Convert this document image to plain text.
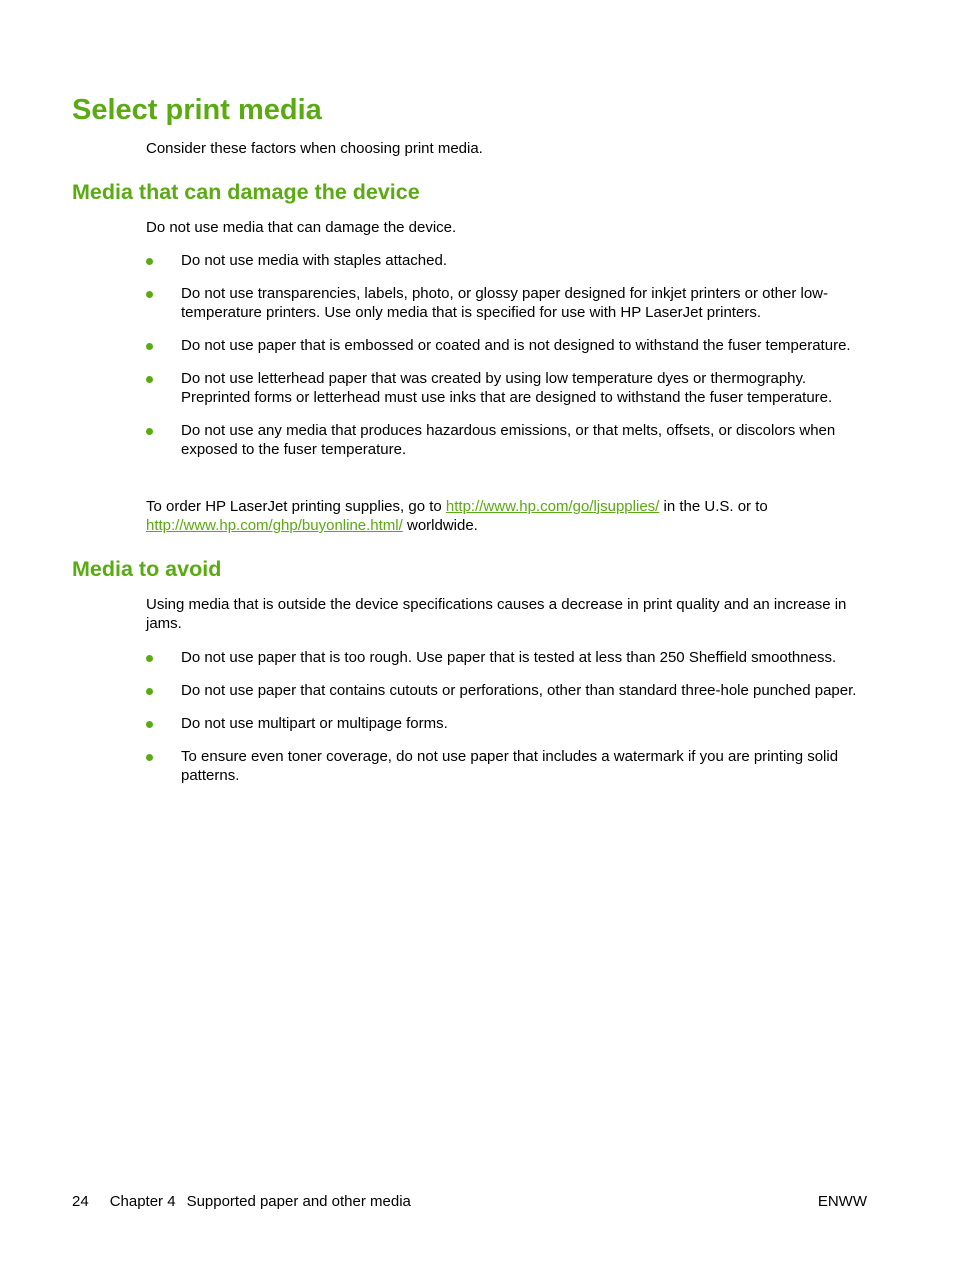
Select print media

Consider these factors when choosing print media.

Media that can damage the device

Do not use media that can damage the device.

Do not use media with staples attached.
Do not use transparencies, labels, photo, or glossy paper designed for inkjet printers or other low-temperature printers. Use only media that is specified for use with HP LaserJet printers.
Do not use paper that is embossed or coated and is not designed to withstand the fuser temperature.
Do not use letterhead paper that was created by using low temperature dyes or thermography. Preprinted forms or letterhead must use inks that are designed to withstand the fuser temperature.
Do not use any media that produces hazardous emissions, or that melts, offsets, or discolors when exposed to the fuser temperature.

To order HP LaserJet printing supplies, go to http://www.hp.com/go/ljsupplies/ in the U.S. or to http://www.hp.com/ghp/buyonline.html/ worldwide.

Media to avoid

Using media that is outside the device specifications causes a decrease in print quality and an increase in jams.

Do not use paper that is too rough. Use paper that is tested at less than 250 Sheffield smoothness.
Do not use paper that contains cutouts or perforations, other than standard three-hole punched paper.
Do not use multipart or multipage forms.
To ensure even toner coverage, do not use paper that includes a watermark if you are printing solid patterns.
24 Chapter 4 Supported paper and other media	ENWW
